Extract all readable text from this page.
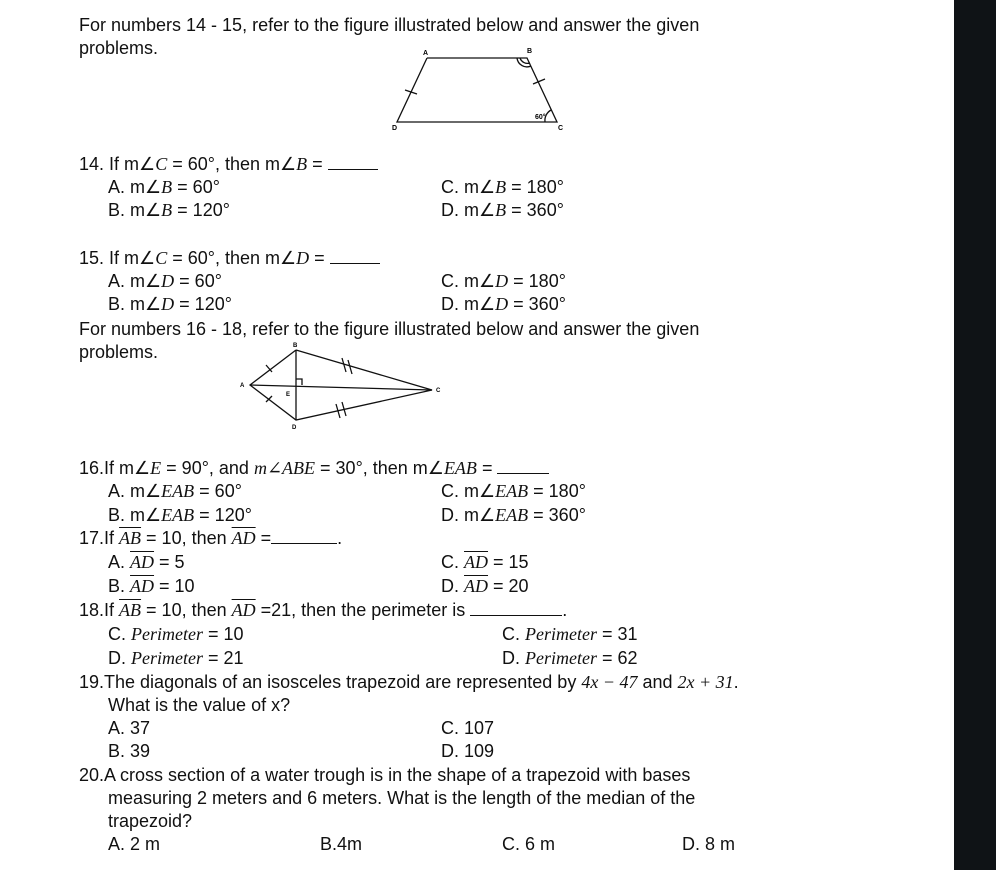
For numbers 14 - 15, refer to the figure illustrated below and answer the given
problems.	A	B
C
D
60°
14. If m∠C = 60°, then m∠B =
A. m∠B = 60°
B. m∠B = 120°
C. m∠B = 180°
D. m∠B = 360°
15. If m∠C = 60°, then m∠D =
A. m∠D = 60°
B. m∠D = 120°
C. m∠D = 180°
D. m∠D = 360°
For numbers 16 - 18, refer to the figure illustrated below and answer the given
problems.	B
A
C
D
E
16.If m∠E = 90°, and m∠ABE = 30°, then m∠EAB =
A. m∠EAB = 60°
B. m∠EAB = 120°
C. m∠EAB = 180°
D. m∠EAB = 360°
17.If $\overline{AB} = 10$, then $\overline{AD}$ =	.
A. $\overline{AD} = 5$
B. $\overline{AD} = 10$
C. $\overline{AD} = 15$
D. $\overline{AD} = 20$
18.If $\overline{AB} = 10$, then $\overline{AD} =21$, then the perimeter is	.
C. Perimeter = 10
D. Perimeter = 21
C. Perimeter = 31
D. Perimeter = 62
19.The diagonals of an isosceles trapezoid are represented by 4x − 47 and 2x + 31.
What is the value of x?
A. 37
B. 39
C. 107
D. 109
20.A cross section of a water trough is in the shape of a trapezoid with bases
measuring 2 meters and 6 meters. What is the length of the median of the
trapezoid?
A. 2 m	B.4m	C. 6 m	D. 8 m
